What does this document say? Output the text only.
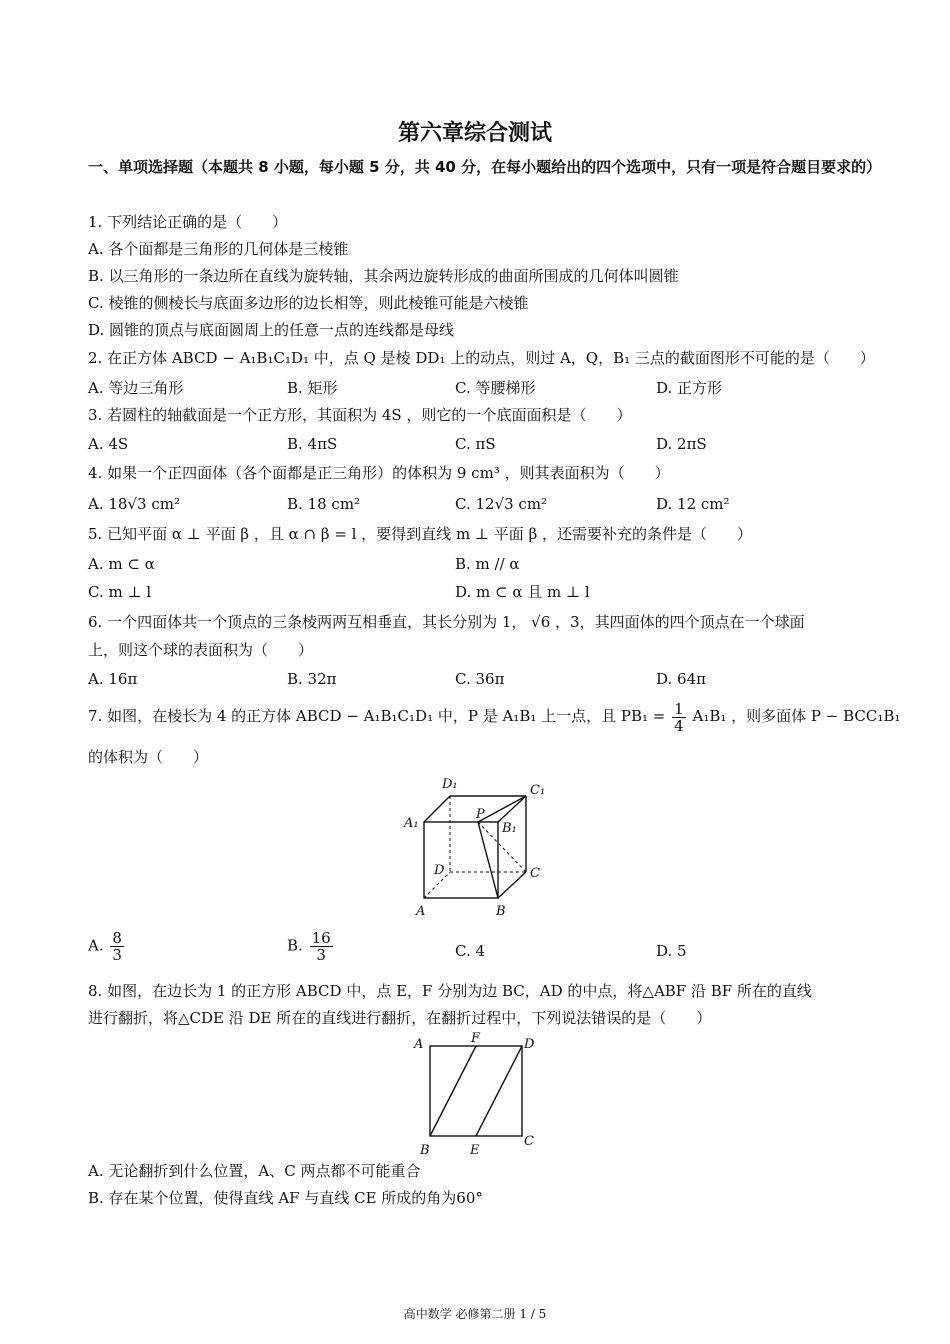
第六章综合测试
一、单项选择题（本题共 8 小题，每小题 5 分，共 40 分，在每小题给出的四个选项中，只有一项是符合题目要求的）
1. 下列结论正确的是（　　）
A. 各个面都是三角形的几何体是三棱锥
B. 以三角形的一条边所在直线为旋转轴，其余两边旋转形成的曲面所围成的几何体叫圆锥
C. 棱锥的侧棱长与底面多边形的边长相等，则此棱锥可能是六棱锥
D. 圆锥的顶点与底面圆周上的任意一点的连线都是母线
2. 在正方体 ABCD − A₁B₁C₁D₁ 中，点 Q 是棱 DD₁ 上的动点，则过 A，Q，B₁ 三点的截面图形不可能的是（　　）
A. 等边三角形	B. 矩形	C. 等腰梯形	D. 正方形
3. 若圆柱的轴截面是一个正方形，其面积为 4S ，则它的一个底面面积是（　　）
A. 4S	B. 4πS	C. πS	D. 2πS
4. 如果一个正四面体（各个面都是正三角形）的体积为 9 cm³ ，则其表面积为（　　）
A. 18√3 cm²	B. 18 cm²	C. 12√3 cm²	D. 12 cm²
5. 已知平面 α ⊥ 平面 β ，且 α ∩ β = l ，要得到直线 m ⊥ 平面 β ，还需要补充的条件是（　　）
A. m ⊂ α	B. m // α
C. m ⊥ l	D. m ⊂ α 且 m ⊥ l
6. 一个四面体共一个顶点的三条棱两两互相垂直，其长分别为 1， √6 ，3，其四面体的四个顶点在一个球面
上，则这个球的表面积为（　　）
A. 16π	B. 32π	C. 36π	D. 64π
7. 如图，在棱长为 4 的正方体 ABCD − A₁B₁C₁D₁ 中，P 是 A₁B₁ 上一点，且 $PB_1 = \frac{1}{4} A_1B_1$ ，则多面体 P − BCC₁B₁
的体积为（　　）
D₁	C₁
A₁
P
B₁
D	C
A	B
A. $\frac{8}{3}$	B. $\frac{16}{3}$	C. 4	D. 5
8. 如图，在边长为 1 的正方形 ABCD 中，点 E，F 分别为边 BC，AD 的中点，将△ABF 沿 BF 所在的直线
进行翻折，将△CDE 沿 DE 所在的直线进行翻折，在翻折过程中，下列说法错误的是（　　）
A	F	D
B	E
C
A. 无论翻折到什么位置，A、C 两点都不可能重合
B. 存在某个位置，使得直线 AF 与直线 CE 所成的角为60°
高中数学 必修第二册 1 / 5
